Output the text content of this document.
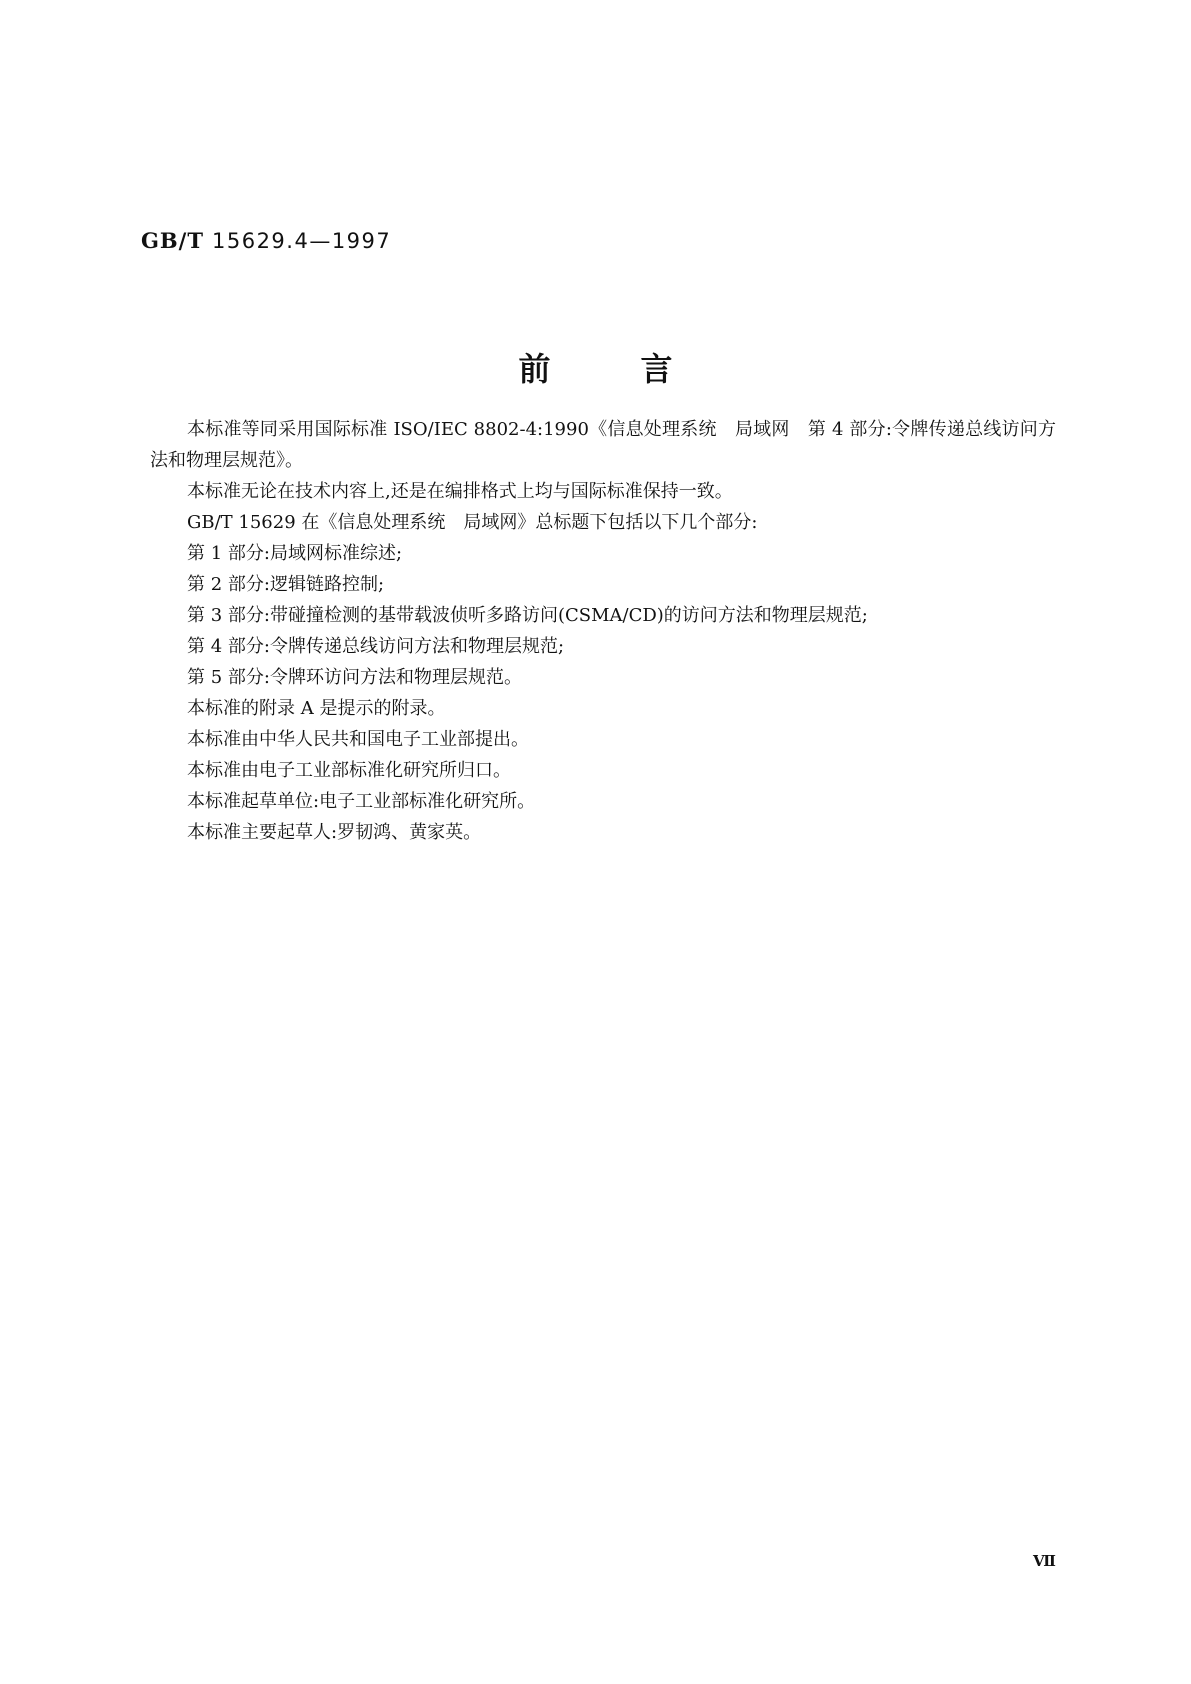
GB/T 15629.4—1997
前言

本标准等同采用国际标准 ISO/IEC 8802-4:1990《信息处理系统　局域网　第 4 部分:令牌传递总线访问方法和物理层规范》。

本标准无论在技术内容上,还是在编排格式上均与国际标准保持一致。

GB/T 15629 在《信息处理系统　局域网》总标题下包括以下几个部分:

第 1 部分:局域网标准综述;

第 2 部分:逻辑链路控制;

第 3 部分:带碰撞检测的基带载波侦听多路访问(CSMA/CD)的访问方法和物理层规范;

第 4 部分:令牌传递总线访问方法和物理层规范;

第 5 部分:令牌环访问方法和物理层规范。

本标准的附录 A 是提示的附录。

本标准由中华人民共和国电子工业部提出。

本标准由电子工业部标准化研究所归口。

本标准起草单位:电子工业部标准化研究所。

本标准主要起草人:罗韧鸿、黄家英。

Ⅶ
